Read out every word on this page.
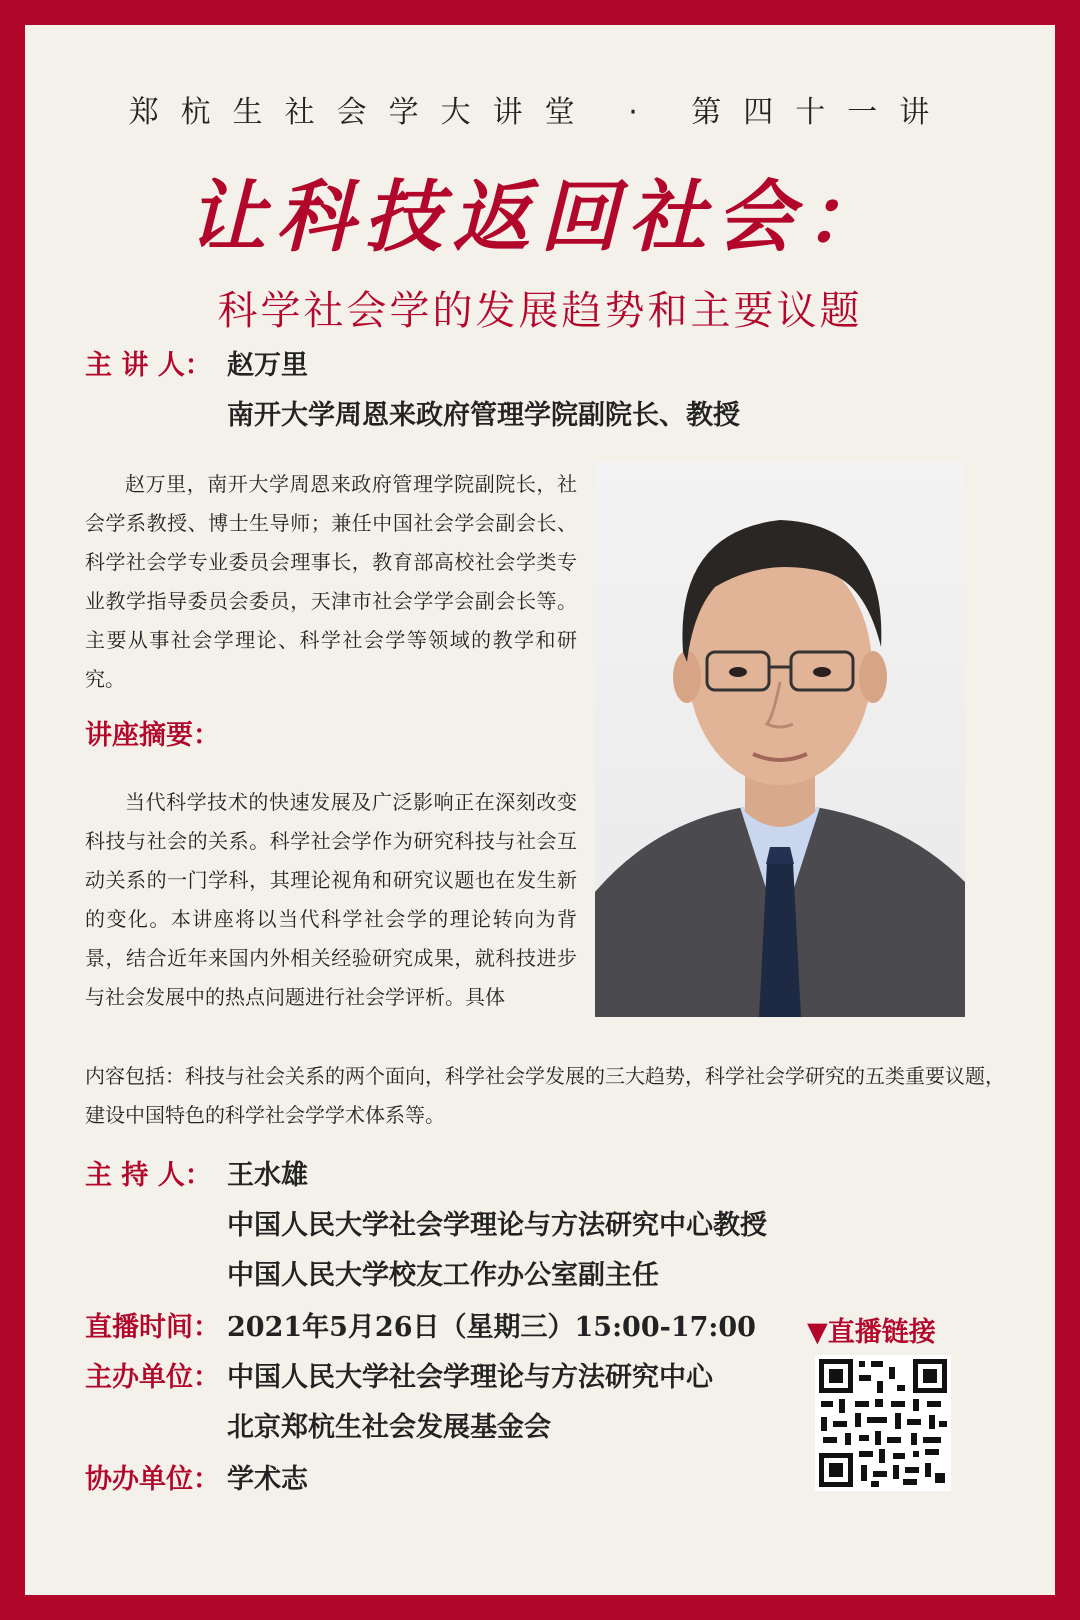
郑杭生社会学大讲堂 · 第四十一讲
让科技返回社会：
科学社会学的发展趋势和主要议题
主 讲 人： 赵万里
南开大学周恩来政府管理学院副院长、教授

赵万里，南开大学周恩来政府管理学院副院长，社会学系教授、博士生导师；兼任中国社会学会副会长、科学社会学专业委员会理事长，教育部高校社会学类专业教学指导委员会委员，天津市社会学学会副会长等。主要从事社会学理论、科学社会学等领域的教学和研究。

讲座摘要：

当代科学技术的快速发展及广泛影响正在深刻改变科技与社会的关系。科学社会学作为研究科技与社会互动关系的一门学科，其理论视角和研究议题也在发生新的变化。本讲座将以当代科学社会学的理论转向为背景，结合近年来国内外相关经验研究成果，就科技进步与社会发展中的热点问题进行社会学评析。具体

内容包括：科技与社会关系的两个面向，科学社会学发展的三大趋势，科学社会学研究的五类重要议题，建设中国特色的科学社会学学术体系等。
主 持 人： 王水雄
中国人民大学社会学理论与方法研究中心教授
中国人民大学校友工作办公室副主任
直播时间： 2021年5月26日（星期三）15:00-17:00
主办单位： 中国人民大学社会学理论与方法研究中心
北京郑杭生社会发展基金会
协办单位： 学术志
▼直播链接
